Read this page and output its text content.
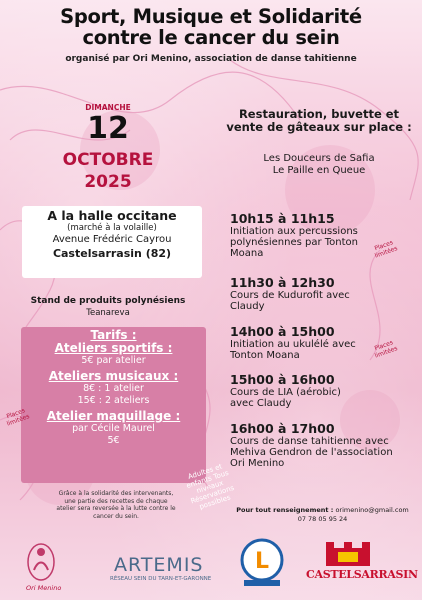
Sport, Musique et Solidarité
contre le cancer du sein
organisé par Ori Menino, association de danse tahitienne
DIMANCHE
12
OCTOBRE
2025
A la halle occitane
(marché à la volaille)
Avenue Frédéric Cayrou
Castelsarrasin (82)
Stand de produits polynésiens
Teanareva
Tarifs :
Ateliers sportifs :
5€ par atelier
Ateliers musicaux :
8€ : 1 atelier
15€ : 2 ateliers
Atelier maquillage :
par Cécile Maurel
5€
Places limitées
Adultes et enfants Tous niveaux Réservations possibles
Grâce à la solidarité des intervenants, une partie des recettes de chaque atelier sera reversée à la lutte contre le cancer du sein.
Restauration, buvette et vente de gâteaux sur place :
Les Douceurs de Safia
Le Paille en Queue
10h15 à 11h15
Initiation aux percussions polynésiennes par Tonton Moana
Places limitées
11h30 à 12h30
Cours de Kudurofit avec Claudy
14h00 à 15h00
Initiation au ukulélé avec Tonton Moana
Places limitées
15h00 à 16h00
Cours de LIA (aérobic) avec Claudy
16h00 à 17h00
Cours de danse tahitienne avec Mehiva Gendron de l'association Ori Menino
Pour tout renseignement : orimenino@gmail.com
07 78 05 95 24
L
Ori Menino
ARTEMIS
RÉSEAU SEIN DU TARN-ET-GARONNE	CASTELSARRASIN
